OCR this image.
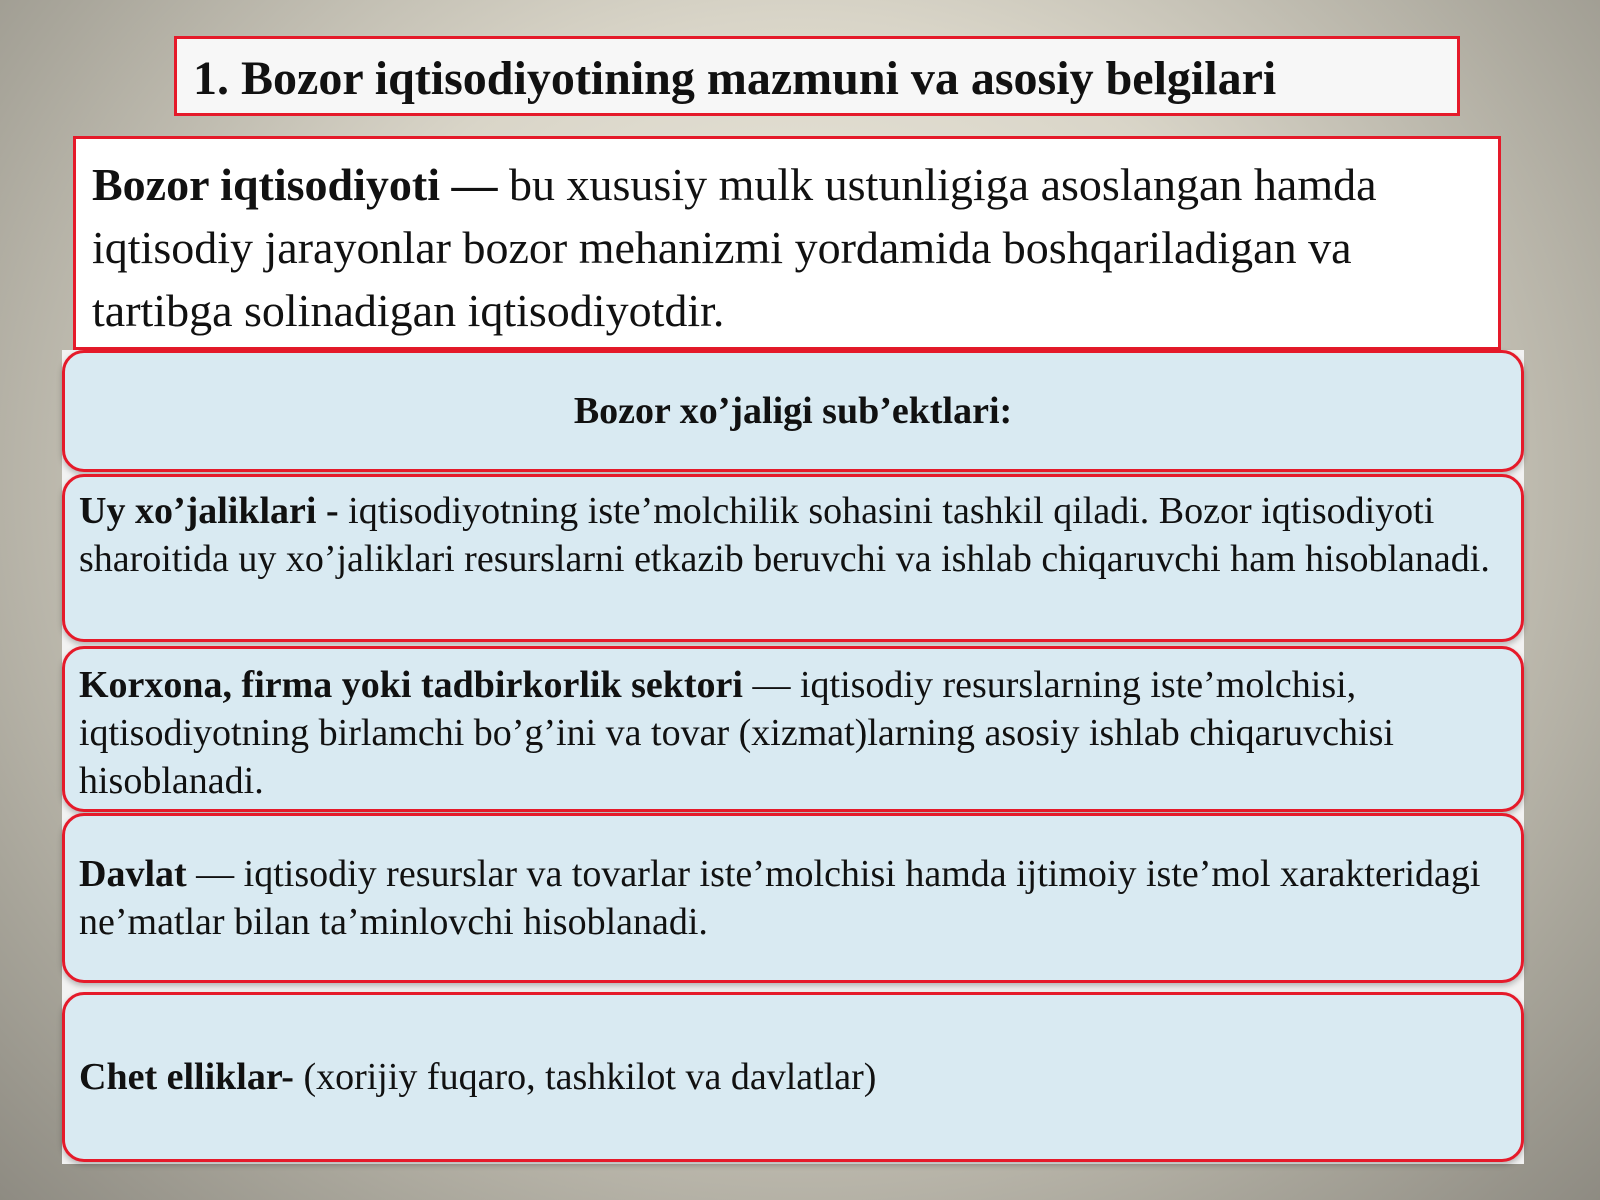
1. Bozor iqtisodiyotining mazmuni va asosiy belgilari
Bozor iqtisodiyoti — bu xususiy mulk ustunligiga asoslangan hamda iqtisodiy jarayonlar bozor mehanizmi yordamida boshqariladigan va tartibga solinadigan iqtisodiyotdir.
Bozor xo’jaligi sub’ektlari:
Uy xo’jaliklari - iqtisodiyotning iste’molchilik sohasini tashkil qiladi. Bozor iqtisodiyoti sharoitida uy xo’jaliklari resurslarni etkazib beruvchi va ishlab chiqaruvchi ham hisoblanadi.
Korxona, firma yoki tadbirkorlik sektori — iqtisodiy resurslarning iste’molchisi, iqtisodiyotning birlamchi bo’g’ini va tovar (xizmat)larning asosiy ishlab chiqaruvchisi hisoblanadi.
Davlat — iqtisodiy resurslar va tovarlar iste’molchisi hamda ijtimoiy iste’mol xarakteridagi ne’matlar bilan ta’minlovchi hisoblanadi.
Chet elliklar- (xorijiy fuqaro, tashkilot va davlatlar)
